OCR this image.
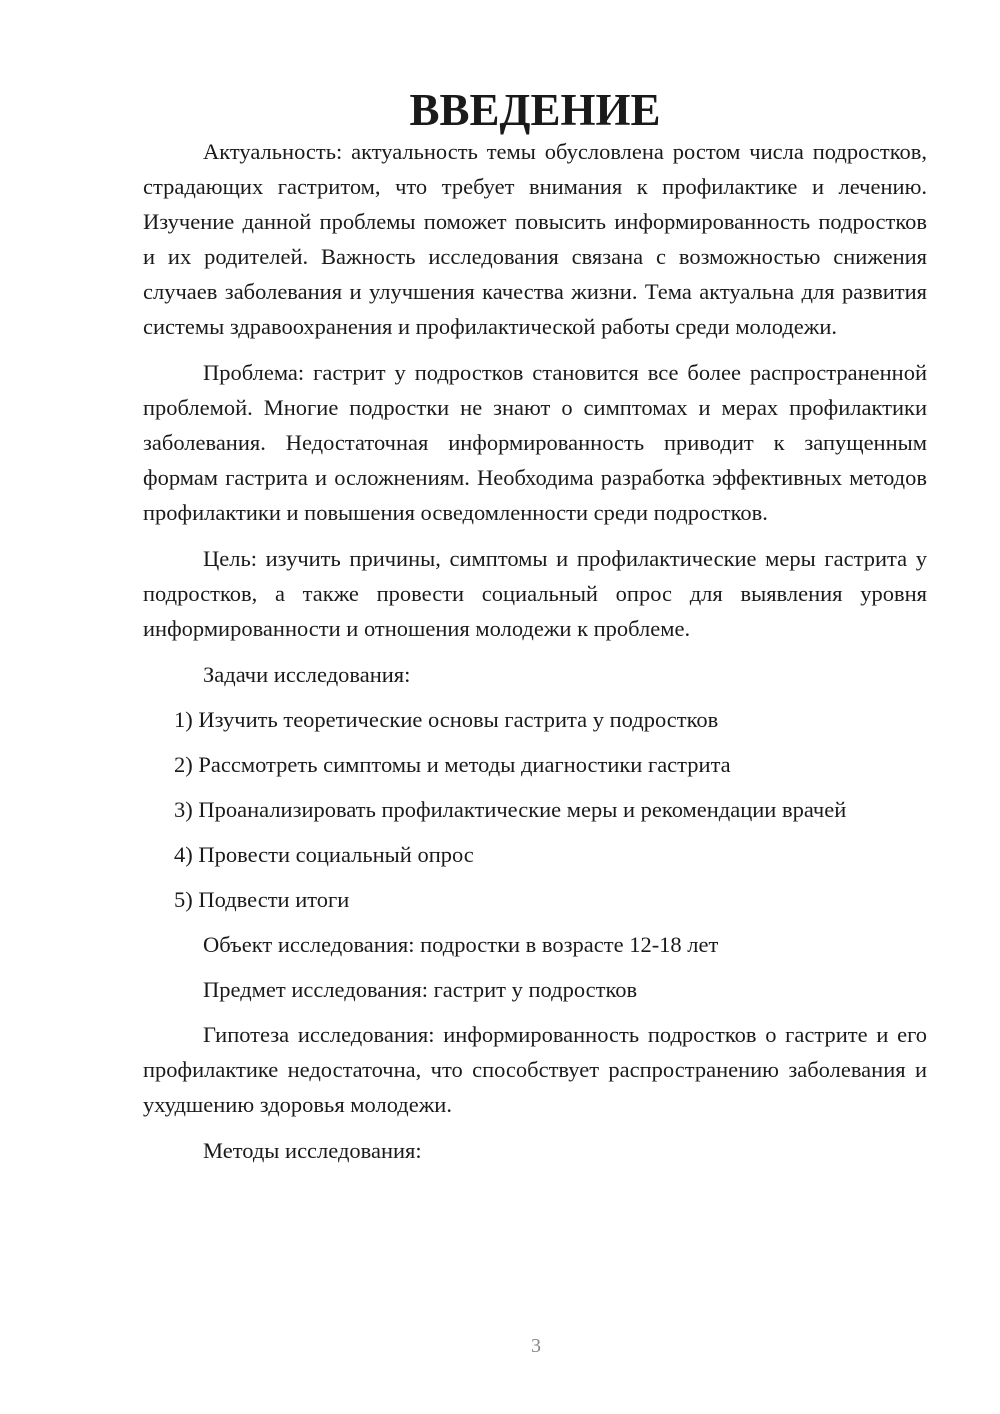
ВВЕДЕНИЕ

Актуальность: актуальность темы обусловлена ростом числа подростков, страдающих гастритом, что требует внимания к профилактике и лечению. Изучение данной проблемы поможет повысить информированность подростков и их родителей. Важность исследования связана с возможностью снижения случаев заболевания и улучшения качества жизни. Тема актуальна для развития системы здравоохранения и профилактической работы среди молодежи.

Проблема: гастрит у подростков становится все более распространенной проблемой. Многие подростки не знают о симптомах и мерах профилактики заболевания. Недостаточная информированность приводит к запущенным формам гастрита и осложнениям. Необходима разработка эффективных методов профилактики и повышения осведомленности среди подростков.

Цель: изучить причины, симптомы и профилактические меры гастрита у подростков, а также провести социальный опрос для выявления уровня информированности и отношения молодежи к проблеме.

Задачи исследования:

1) Изучить теоретические основы гастрита у подростков
2) Рассмотреть симптомы и методы диагностики гастрита
3) Проанализировать профилактические меры и рекомендации врачей
4) Провести социальный опрос
5) Подвести итоги

Объект исследования: подростки в возрасте 12-18 лет

Предмет исследования: гастрит у подростков

Гипотеза исследования: информированность подростков о гастрите и его профилактике недостаточна, что способствует распространению заболевания и ухудшению здоровья молодежи.

Методы исследования:

3
